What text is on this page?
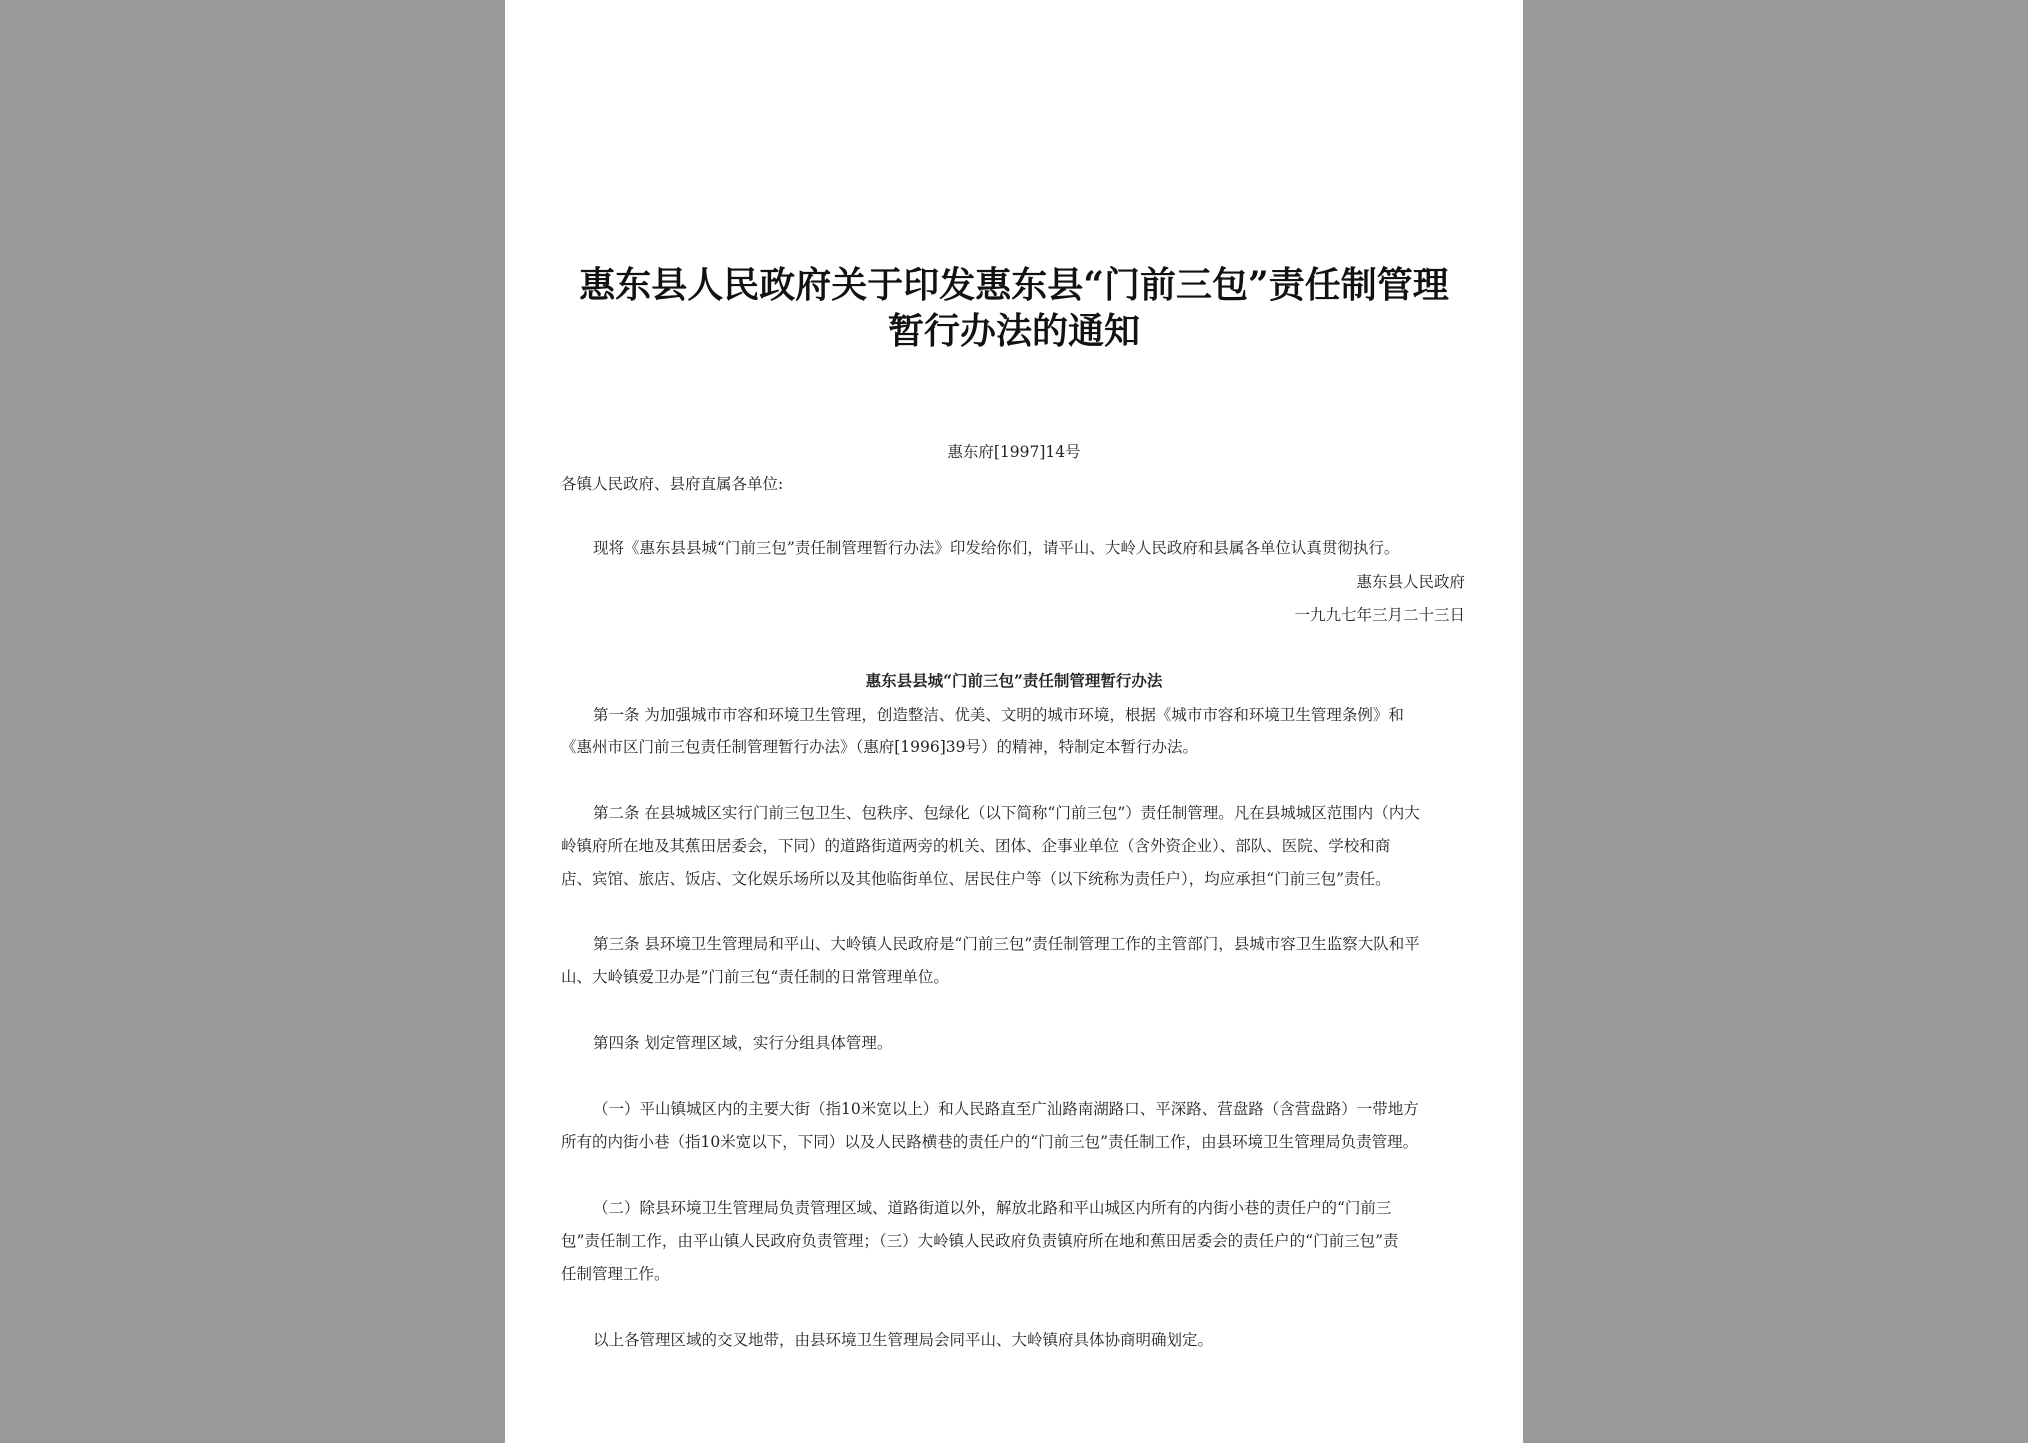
惠东县人民政府关于印发惠东县“门前三包”责任制管理
暂行办法的通知
惠东府[1997]14号
各镇人民政府、县府直属各单位:
现将《惠东县县城“门前三包”责任制管理暂行办法》印发给你们，请平山、大岭人民政府和县属各单位认真贯彻执行。
惠东县人民政府
一九九七年三月二十三日
惠东县县城“门前三包”责任制管理暂行办法
第一条 为加强城市市容和环境卫生管理，创造整洁、优美、文明的城市环境，根据《城市市容和环境卫生管理条例》和
《惠州市区门前三包责任制管理暂行办法》（惠府[1996]39号）的精神，特制定本暂行办法。
第二条 在县城城区实行门前三包卫生、包秩序、包绿化（以下简称“门前三包”）责任制管理。凡在县城城区范围内（内大
岭镇府所在地及其蕉田居委会，下同）的道路街道两旁的机关、团体、企事业单位（含外资企业）、部队、医院、学校和商
店、宾馆、旅店、饭店、文化娱乐场所以及其他临街单位、居民住户等（以下统称为责任户），均应承担“门前三包”责任。
第三条 县环境卫生管理局和平山、大岭镇人民政府是“门前三包”责任制管理工作的主管部门，县城市容卫生监察大队和平
山、大岭镇爱卫办是”门前三包“责任制的日常管理单位。
第四条 划定管理区域，实行分组具体管理。
（一）平山镇城区内的主要大街（指10米宽以上）和人民路直至广汕路南湖路口、平深路、营盘路（含营盘路）一带地方
所有的内街小巷（指10米宽以下，下同）以及人民路横巷的责任户的“门前三包”责任制工作，由县环境卫生管理局负责管理。
（二）除县环境卫生管理局负责管理区域、道路街道以外，解放北路和平山城区内所有的内街小巷的责任户的“门前三
包”责任制工作，由平山镇人民政府负责管理；（三）大岭镇人民政府负责镇府所在地和蕉田居委会的责任户的“门前三包”责
任制管理工作。
以上各管理区域的交叉地带，由县环境卫生管理局会同平山、大岭镇府具体协商明确划定。
